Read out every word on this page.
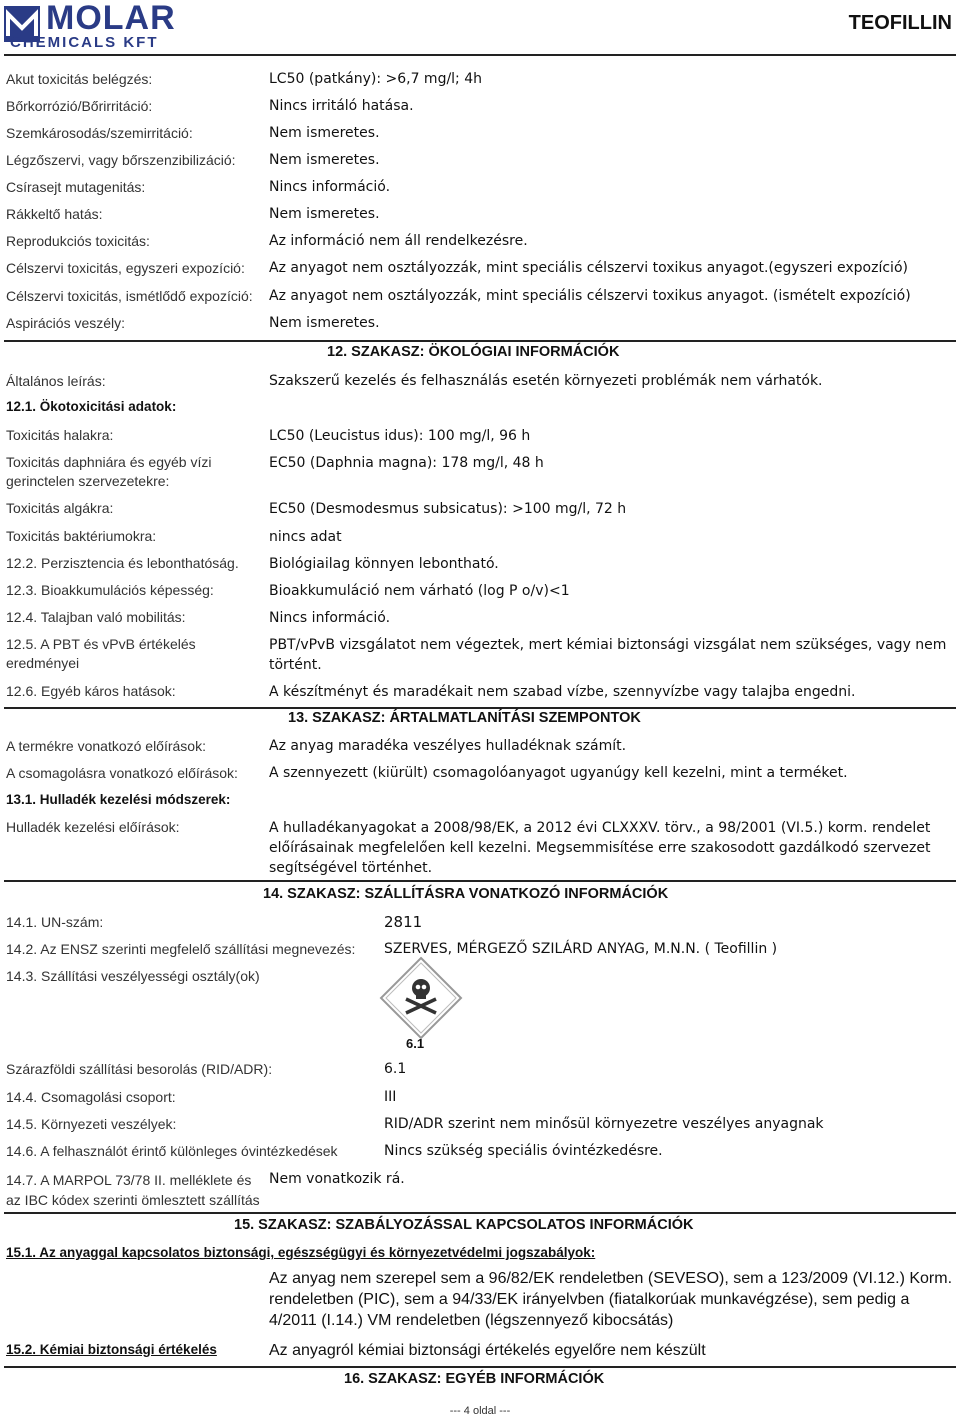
MOLAR
CHEMICALS KFT
TEOFILLIN
Akut toxicitás belégzés:	LC50 (patkány): >6,7 mg/l; 4h
Bőrkorrózió/Bőrirritáció:	Nincs irritáló hatása.
Szemkárosodás/szemirritáció:	Nem ismeretes.
Légzőszervi, vagy bőrszenzibilizáció: Nem ismeretes.
Csírasejt mutagenitás:	Nincs információ.
Rákkeltő hatás:	Nem ismeretes.
Reprodukciós toxicitás:	Az információ nem áll rendelkezésre.
Célszervi toxicitás, egyszeri expozíció: Az anyagot nem osztályozzák, mint speciális célszervi toxikus anyagot.(egyszeri expozíció)
Célszervi toxicitás, ismétlődő expozíció: Az anyagot nem osztályozzák, mint speciális célszervi toxikus anyagot. (ismételt expozíció)
Aspirációs veszély:	Nem ismeretes.
12. SZAKASZ: ÖKOLÓGIAI INFORMÁCIÓK
Általános leírás:	Szakszerű kezelés és felhasználás esetén környezeti problémák nem várhatók.
12.1. Ökotoxicitási adatok:
Toxicitás halakra:	LC50 (Leucistus idus): 100 mg/l, 96 h
Toxicitás daphniára és egyéb vízi gerinctelen szervezetekre:
EC50 (Daphnia magna): 178 mg/l, 48 h
Toxicitás algákra:	EC50 (Desmodesmus subsicatus): >100 mg/l, 72 h
Toxicitás baktériumokra:	nincs adat
12.2. Perzisztencia és lebonthatóság. Biológiailag könnyen lebontható.
12.3. Bioakkumulációs képesség:	Bioakkumuláció nem várható (log P o/v)<1
12.4. Talajban való mobilitás:	Nincs információ.
12.5. A PBT és vPvB értékelés eredményei
PBT/vPvB vizsgálatot nem végeztek, mert kémiai biztonsági vizsgálat nem szükséges, vagy nem történt.
12.6. Egyéb káros hatások:	A készítményt és maradékait nem szabad vízbe, szennyvízbe vagy talajba engedni.
13. SZAKASZ: ÁRTALMATLANÍTÁSI SZEMPONTOK
A termékre vonatkozó előírások:	Az anyag maradéka veszélyes hulladéknak számít.
A csomagolásra vonatkozó előírások: A szennyezett (kiürült) csomagolóanyagot ugyanúgy kell kezelni, mint a terméket.
13.1. Hulladék kezelési módszerek:
Hulladék kezelési előírások:	A hulladékanyagokat a 2008/98/EK, a 2012 évi CLXXXV. törv., a 98/2001 (VI.5.) korm. rendelet előírásainak megfelelően kell kezelni. Megsemmisítése erre szakosodott gazdálkodó szervezet segítségével történhet.
14. SZAKASZ: SZÁLLÍTÁSRA VONATKOZÓ INFORMÁCIÓK
14.1. UN-szám:	2811
14.2. Az ENSZ szerinti megfelelő szállítási megnevezés: SZERVES, MÉRGEZŐ SZILÁRD ANYAG, M.N.N. ( Teofillin )
14.3. Szállítási veszélyességi osztály(ok)
6.1
Szárazföldi szállítási besorolás (RID/ADR):	6.1
14.4. Csomagolási csoport:	III
14.5. Környezeti veszélyek:	RID/ADR szerint nem minősül környezetre veszélyes anyagnak
14.6. A felhasználót érintő különleges óvintézkedések	Nincs szükség speciális óvintézkedésre.
14.7. A MARPOL 73/78 II. melléklete és az IBC kódex szerinti ömlesztett szállítás
Nem vonatkozik rá.
15. SZAKASZ: SZABÁLYOZÁSSAL KAPCSOLATOS INFORMÁCIÓK
15.1. Az anyaggal kapcsolatos biztonsági, egészségügyi és környezetvédelmi jogszabályok:
Az anyag nem szerepel sem a 96/82/EK rendeletben (SEVESO), sem a 123/2009 (VI.12.) Korm. rendeletben (PIC), sem a 94/33/EK irányelvben (fiatalkorúak munkavégzése), sem pedig a 4/2011 (I.14.) VM rendeletben (légszennyező kibocsátás)
15.2. Kémiai biztonsági értékelés	Az anyagról kémiai biztonsági értékelés egyelőre nem készült
16. SZAKASZ: EGYÉB INFORMÁCIÓK
--- 4 oldal ---
